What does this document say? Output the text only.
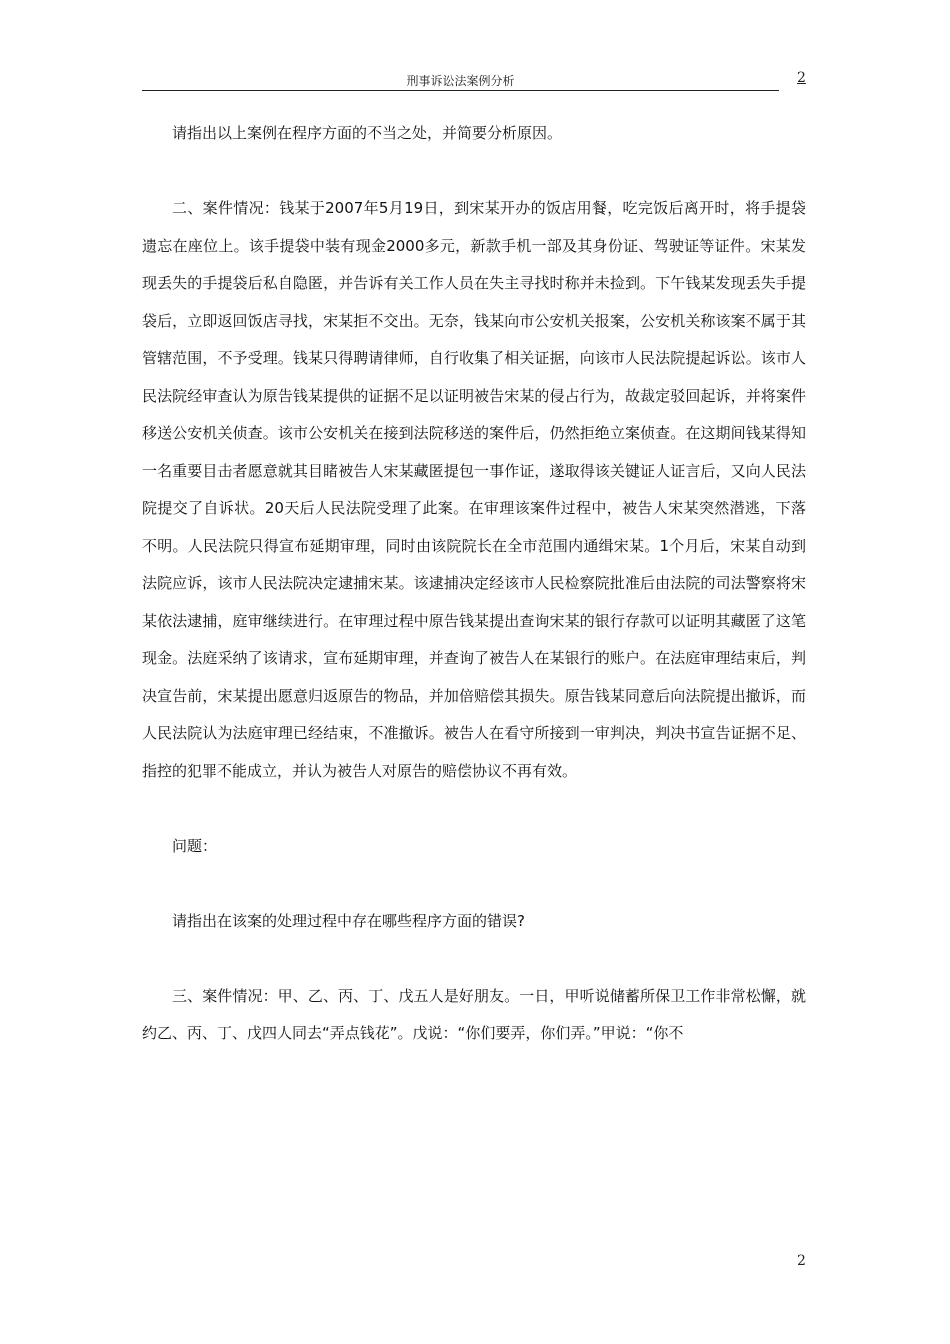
刑事诉讼法案例分析	2

请指出以上案例在程序方面的不当之处，并简要分析原因。

二、案件情况：钱某于2007年5月19日，到宋某开办的饭店用餐，吃完饭后离开时，将手提袋遗忘在座位上。该手提袋中装有现金2000多元，新款手机一部及其身份证、驾驶证等证件。宋某发现丢失的手提袋后私自隐匿，并告诉有关工作人员在失主寻找时称并未捡到。下午钱某发现丢失手提袋后，立即返回饭店寻找，宋某拒不交出。无奈，钱某向市公安机关报案，公安机关称该案不属于其管辖范围，不予受理。钱某只得聘请律师，自行收集了相关证据，向该市人民法院提起诉讼。该市人民法院经审查认为原告钱某提供的证据不足以证明被告宋某的侵占行为，故裁定驳回起诉，并将案件移送公安机关侦查。该市公安机关在接到法院移送的案件后，仍然拒绝立案侦查。在这期间钱某得知一名重要目击者愿意就其目睹被告人宋某藏匿提包一事作证，遂取得该关键证人证言后，又向人民法院提交了自诉状。20天后人民法院受理了此案。在审理该案件过程中，被告人宋某突然潜逃，下落不明。人民法院只得宣布延期审理，同时由该院院长在全市范围内通缉宋某。1个月后，宋某自动到法院应诉，该市人民法院决定逮捕宋某。该逮捕决定经该市人民检察院批准后由法院的司法警察将宋某依法逮捕，庭审继续进行。在审理过程中原告钱某提出查询宋某的银行存款可以证明其藏匿了这笔现金。法庭采纳了该请求，宣布延期审理，并查询了被告人在某银行的账户。在法庭审理结束后，判决宣告前，宋某提出愿意归返原告的物品，并加倍赔偿其损失。原告钱某同意后向法院提出撤诉，而人民法院认为法庭审理已经结束，不准撤诉。被告人在看守所接到一审判决，判决书宣告证据不足、指控的犯罪不能成立，并认为被告人对原告的赔偿协议不再有效。

问题：

请指出在该案的处理过程中存在哪些程序方面的错误?

三、案件情况：甲、乙、丙、丁、戊五人是好朋友。一日，甲听说储蓄所保卫工作非常松懈，就约乙、丙、丁、戊四人同去“弄点钱花”。戊说：“你们要弄，你们弄。”甲说：“你不

2
